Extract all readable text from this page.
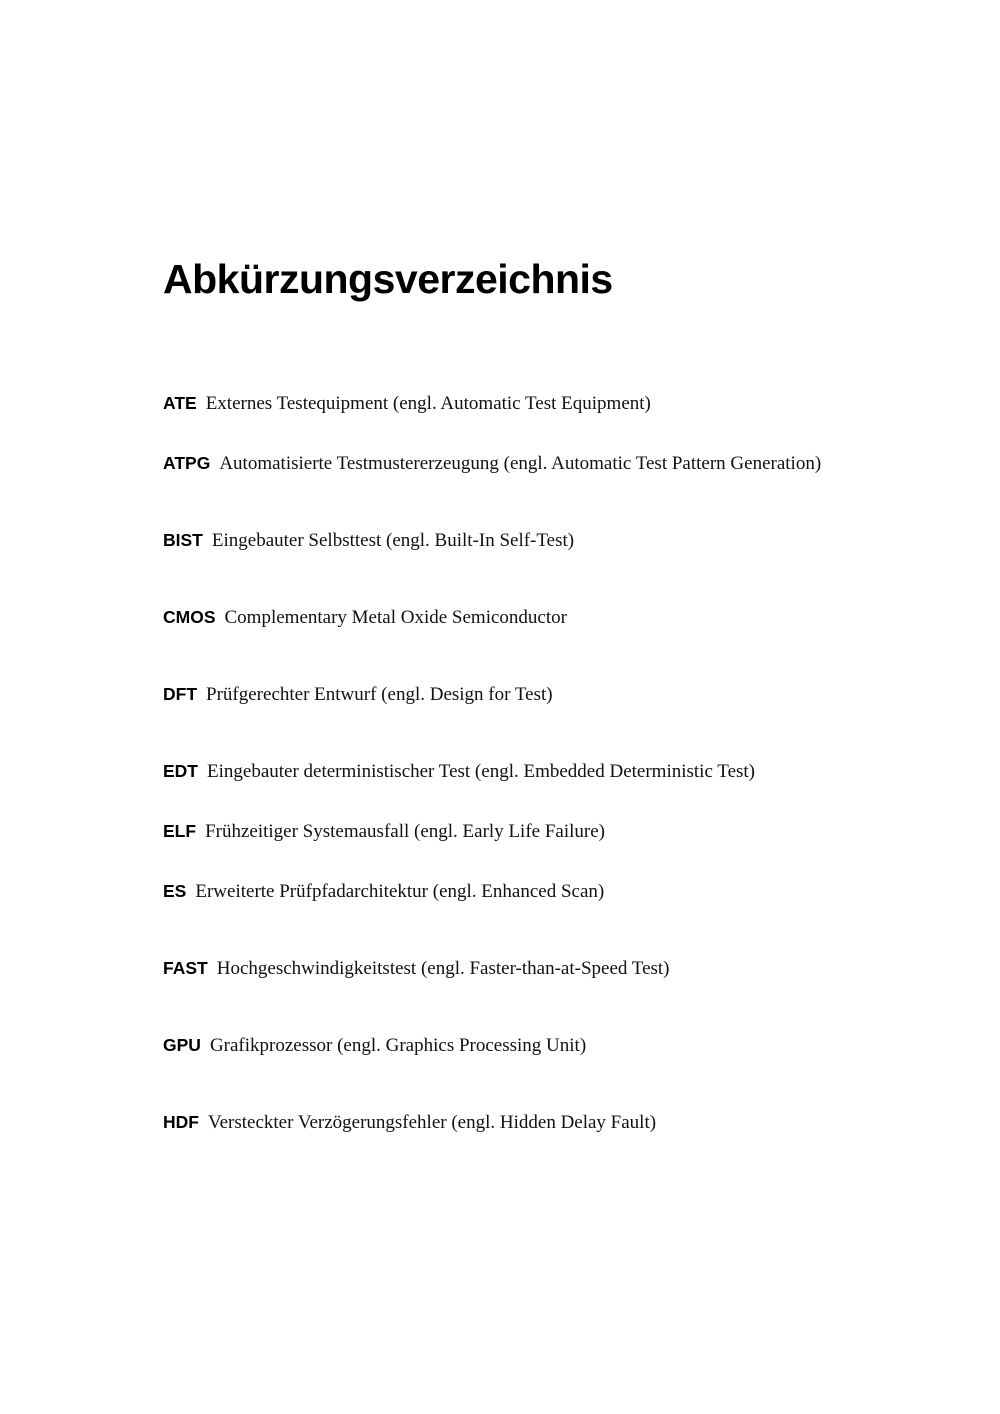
Abkürzungsverzeichnis

ATE Externes Testequipment (engl. Automatic Test Equipment)

ATPG Automatisierte Testmustererzeugung (engl. Automatic Test Pattern Generation)

BIST Eingebauter Selbsttest (engl. Built-In Self-Test)

CMOS Complementary Metal Oxide Semiconductor

DFT Prüfgerechter Entwurf (engl. Design for Test)

EDT Eingebauter deterministischer Test (engl. Embedded Deterministic Test)

ELF Frühzeitiger Systemausfall (engl. Early Life Failure)

ES Erweiterte Prüfpfadarchitektur (engl. Enhanced Scan)

FAST Hochgeschwindigkeitstest (engl. Faster-than-at-Speed Test)

GPU Grafikprozessor (engl. Graphics Processing Unit)

HDF Versteckter Verzögerungsfehler (engl. Hidden Delay Fault)
